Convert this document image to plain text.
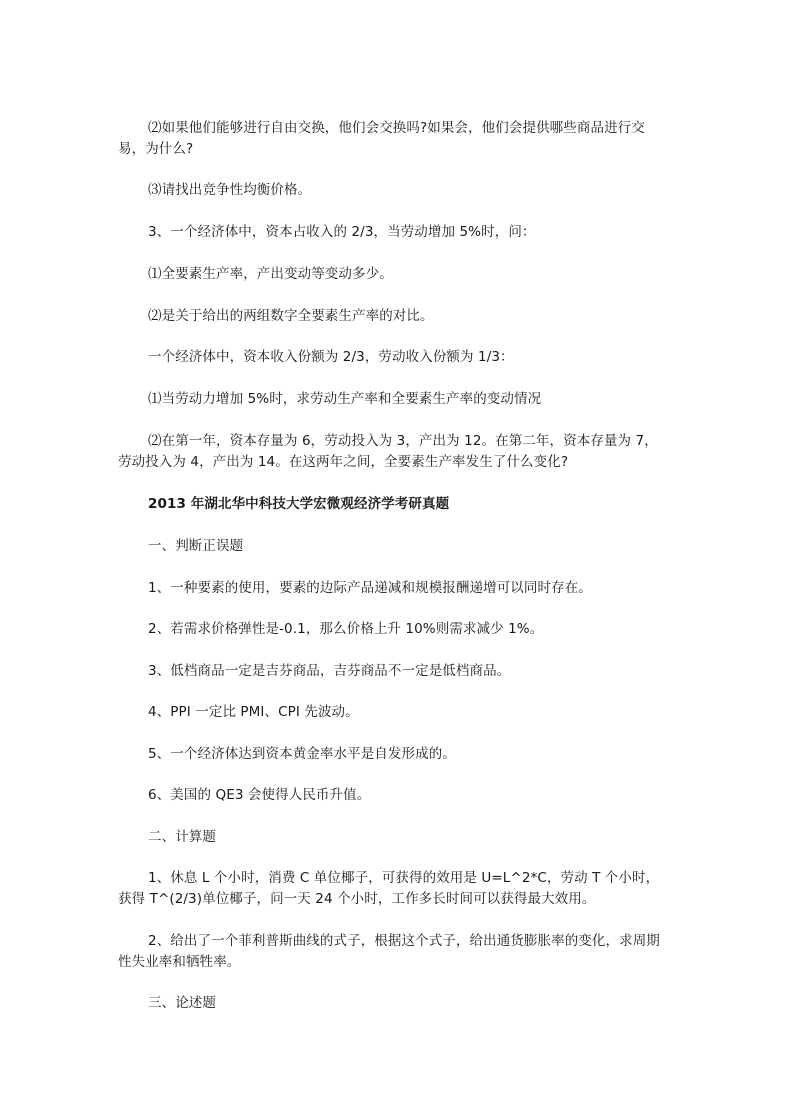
⑵如果他们能够进行自由交换，他们会交换吗?如果会，他们会提供哪些商品进行交易，为什么?
⑶请找出竞争性均衡价格。
3、一个经济体中，资本占收入的 2/3，当劳动增加 5%时，问：
⑴全要素生产率，产出变动等变动多少。
⑵是关于给出的两组数字全要素生产率的对比。
一个经济体中，资本收入份额为 2/3，劳动收入份额为 1/3：
⑴当劳动力增加 5%时，求劳动生产率和全要素生产率的变动情况
⑵在第一年，资本存量为 6，劳动投入为 3，产出为 12。在第二年，资本存量为 7，劳动投入为 4，产出为 14。在这两年之间，全要素生产率发生了什么变化?
2013 年湖北华中科技大学宏微观经济学考研真题
一、判断正误题
1、一种要素的使用，要素的边际产品递减和规模报酬递增可以同时存在。
2、若需求价格弹性是-0.1，那么价格上升 10%则需求减少 1%。
3、低档商品一定是吉芬商品，吉芬商品不一定是低档商品。
4、PPI 一定比 PMI、CPI 先波动。
5、一个经济体达到资本黄金率水平是自发形成的。
6、美国的 QE3 会使得人民币升值。
二、计算题
1、休息 L 个小时，消费 C 单位椰子，可获得的效用是 U=L^2*C，劳动 T 个小时，获得 T^(2/3)单位椰子，问一天 24 个小时，工作多长时间可以获得最大效用。
2、给出了一个菲利普斯曲线的式子，根据这个式子，给出通货膨胀率的变化，求周期性失业率和牺牲率。
三、论述题
